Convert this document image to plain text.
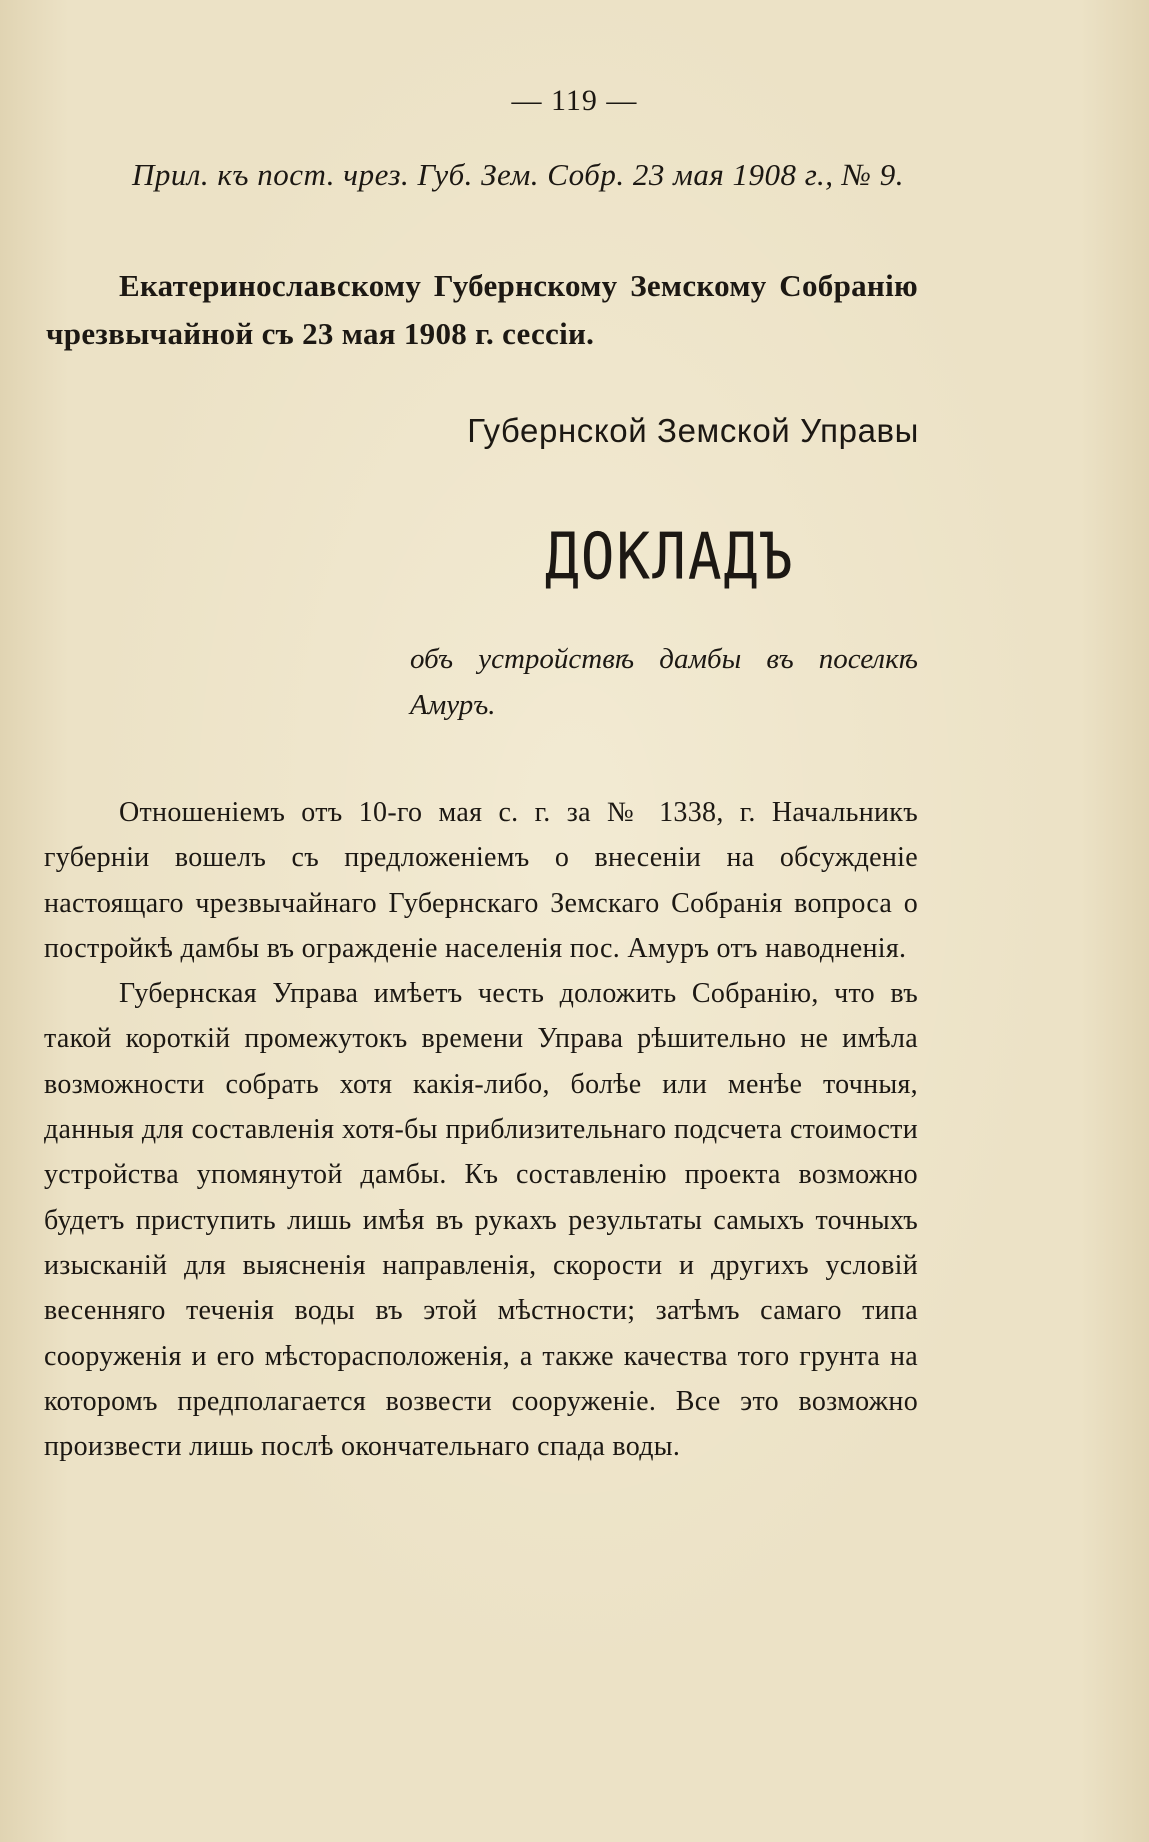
— 119 —
Прил. къ пост. чрез. Губ. Зем. Собр. 23 мая 1908 г., № 9.
Екатеринославскому Губернскому Земскому Собранію чрезвычайной съ 23 мая 1908 г. сессіи.
Губернской Земской Управы
ДОКЛАДЪ
объ устройствѣ дамбы въ поселкѣ Амуръ.

Отношеніемъ отъ 10-го мая с. г. за № 1338, г. Начальникъ губерніи вошелъ съ предложеніемъ о внесеніи на обсужденіе настоящаго чрезвычайнаго Губернскаго Земскаго Собранія вопроса о постройкѣ дамбы въ огражденіе населенія пос. Амуръ отъ наводненія.

Губернская Управа имѣетъ честь доложить Собранію, что въ такой короткій промежутокъ времени Управа рѣшительно не имѣла возможности собрать хотя какія-либо, болѣе или менѣе точныя, данныя для составленія хотя-бы приблизительнаго подсчета стоимости устройства упомянутой дамбы. Къ составленію проекта возможно будетъ приступить лишь имѣя въ рукахъ результаты самыхъ точныхъ изысканій для выясненія направленія, скорости и другихъ условій весенняго теченія воды въ этой мѣстности; затѣмъ самаго типа сооруженія и его мѣсторасположенія, а также качества того грунта на которомъ предполагается возвести сооруженіе. Все это возможно произвести лишь послѣ окончательнаго спада воды.
